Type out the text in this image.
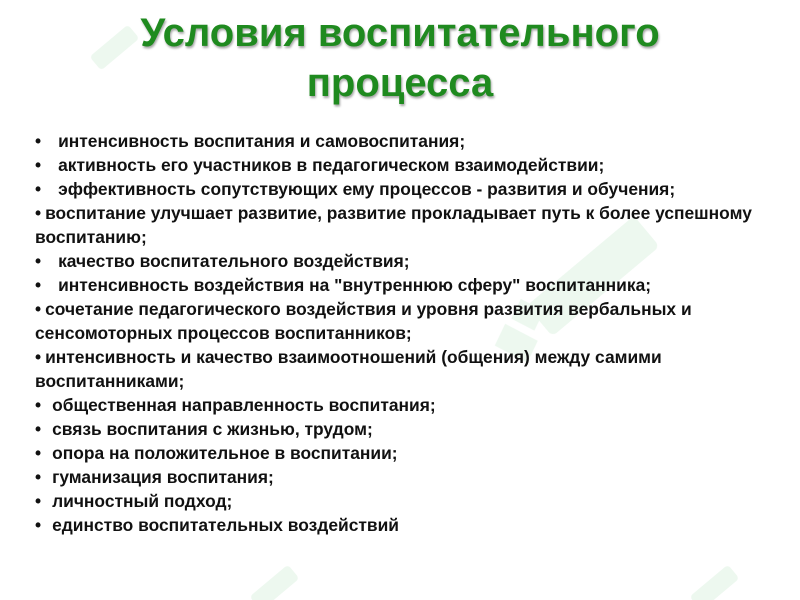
Условия воспитательного
процесса
• интенсивность воспитания и самовоспитания;
• активность его участников в педагогическом взаимодействии;
• эффективность сопутствующих ему процессов - развития и обучения;
• воспитание улучшает развитие, развитие прокладывает путь к более успешному воспитанию;
• качество воспитательного воздействия;
• интенсивность воздействия на "внутреннюю сферу" воспитанника;
• сочетание педагогического воздействия и уровня развития вербальных и сенсомоторных процессов воспитанников;
• интенсивность и качество взаимоотношений (общения) между самими воспитанниками;
• общественная направленность воспитания;
• связь воспитания с жизнью, трудом;
• опора на положительное в воспитании;
• гуманизация воспитания;
• личностный подход;
• единство воспитательных воздействий
